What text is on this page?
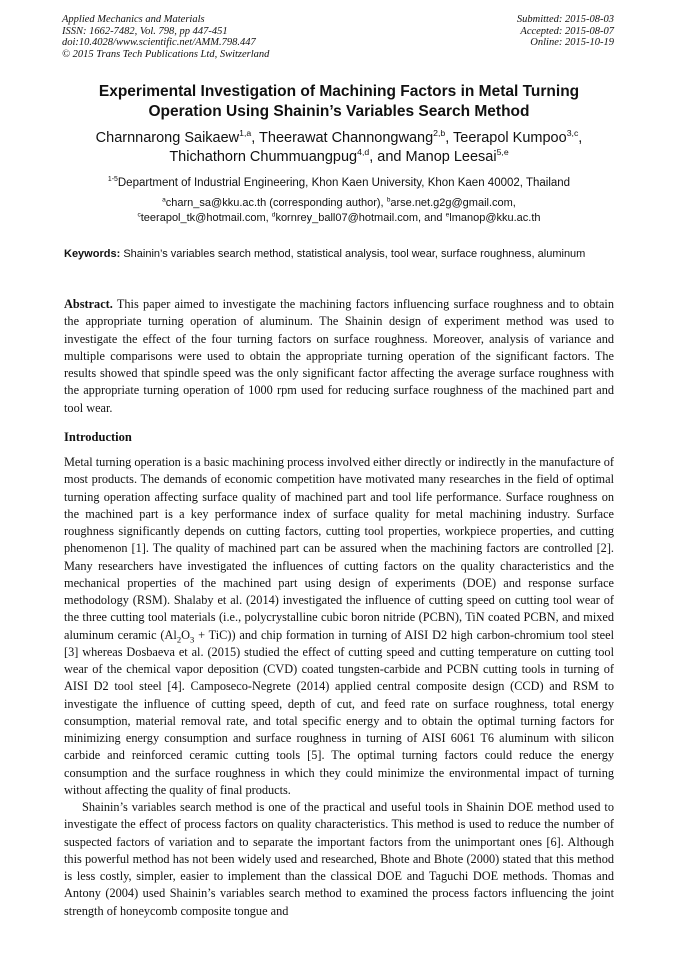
Applied Mechanics and Materials
ISSN: 1662-7482, Vol. 798, pp 447-451
doi:10.4028/www.scientific.net/AMM.798.447
© 2015 Trans Tech Publications Ltd, Switzerland
Submitted: 2015-08-03
Accepted: 2015-08-07
Online: 2015-10-19
Experimental Investigation of Machining Factors in Metal Turning
Operation Using Shainin’s Variables Search Method
Charnnarong Saikaew$^{1,a}$, Theerawat Channongwang$^{2,b}$, Teerapol Kumpoo$^{3,c}$,
Thichathorn Chummuangpug$^{4,d}$, and Manop Leesai$^{5,e}$
$^{1-5}$Department of Industrial Engineering, Khon Kaen University, Khon Kaen 40002, Thailand
$^a$charn_sa@kku.ac.th (corresponding author), $^b$arse.net.g2g@gmail.com,
$^c$teerapol_tk@hotmail.com, $^d$kornrey_ball07@hotmail.com, and $^e$lmanop@kku.ac.th
Keywords: Shainin’s variables search method, statistical analysis, tool wear, surface roughness, aluminum
Abstract. This paper aimed to investigate the machining factors influencing surface roughness and to obtain the appropriate turning operation of aluminum. The Shainin design of experiment method was used to investigate the effect of the four turning factors on surface roughness. Moreover, analysis of variance and multiple comparisons were used to obtain the appropriate turning operation of the significant factors. The results showed that spindle speed was the only significant factor affecting the average surface roughness with the appropriate turning operation of 1000 rpm used for reducing surface roughness of the machined part and tool wear.
Introduction

Metal turning operation is a basic machining process involved either directly or indirectly in the manufacture of most products. The demands of economic competition have motivated many researches in the field of optimal turning operation affecting surface quality of machined part and tool life performance. Surface roughness on the machined part is a key performance index of surface quality for metal machining industry. Surface roughness significantly depends on cutting factors, cutting tool properties, workpiece properties, and cutting phenomenon [1]. The quality of machined part can be assured when the machining factors are controlled [2]. Many researchers have investigated the influences of cutting factors on the quality characteristics and the mechanical properties of the machined part using design of experiments (DOE) and response surface methodology (RSM). Shalaby et al. (2014) investigated the influence of cutting speed on cutting tool wear of the three cutting tool materials (i.e., polycrystalline cubic boron nitride (PCBN), TiN coated PCBN, and mixed aluminum ceramic $(Al_2O_3 + TiC)$) and chip formation in turning of AISI D2 high carbon-chromium tool steel [3] whereas Dosbaeva et al. (2015) studied the effect of cutting speed and cutting temperature on cutting tool wear of the chemical vapor deposition (CVD) coated tungsten-carbide and PCBN cutting tools in turning of AISI D2 tool steel [4]. Camposeco-Negrete (2014) applied central composite design (CCD) and RSM to investigate the influence of cutting speed, depth of cut, and feed rate on surface roughness, total energy consumption, material removal rate, and total specific energy and to obtain the optimal turning factors for minimizing energy consumption and surface roughness in turning of AISI 6061 T6 aluminum with silicon carbide and reinforced ceramic cutting tools [5]. The optimal turning factors could reduce the energy consumption and the surface roughness in which they could minimize the environmental impact of turning without affecting the quality of final products.

Shainin’s variables search method is one of the practical and useful tools in Shainin DOE method used to investigate the effect of process factors on quality characteristics. This method is used to reduce the number of suspected factors of variation and to separate the important factors from the unimportant ones [6]. Although this powerful method has not been widely used and researched, Bhote and Bhote (2000) stated that this method is less costly, simpler, easier to implement than the classical DOE and Taguchi DOE methods. Thomas and Antony (2004) used Shainin’s variables search method to examined the process factors influencing the joint strength of honeycomb composite tongue and
